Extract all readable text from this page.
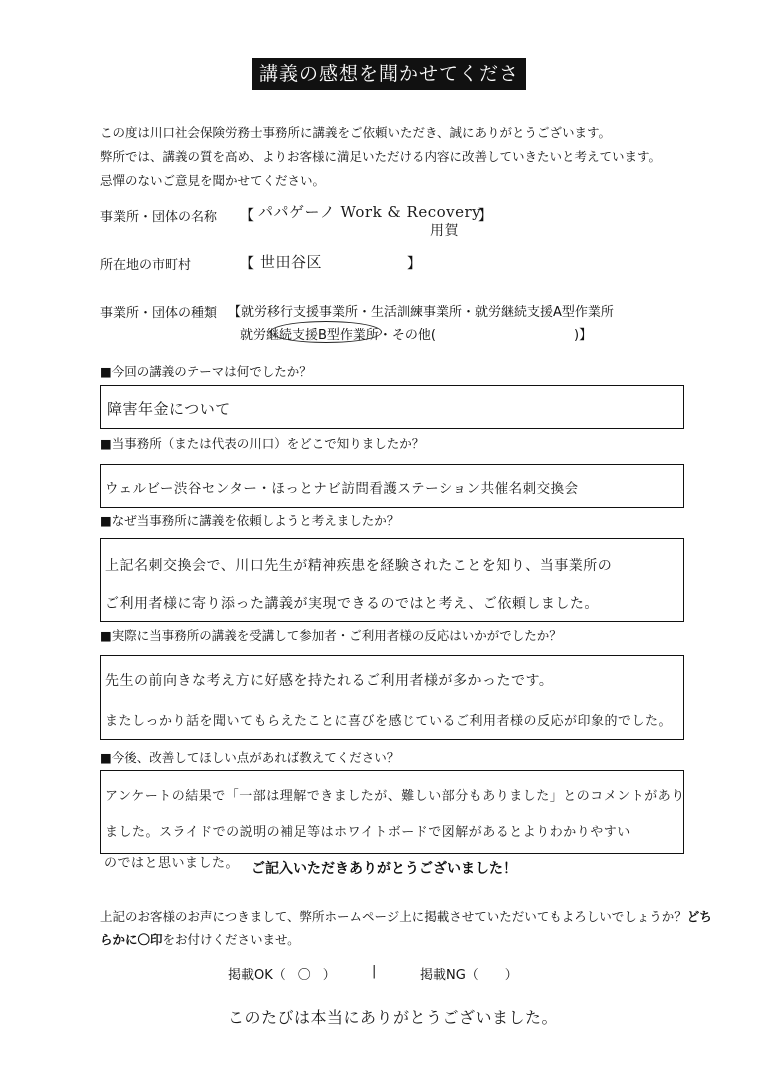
講義の感想を聞かせてください
この度は川口社会保険労務士事務所に講義をご依頼いただき、誠にありがとうございます。
弊所では、講義の質を高め、よりお客様に満足いただける内容に改善していきたいと考えています。
忌憚のないご意見を聞かせてください。
事業所・団体の名称 【 パパゲーノ Work & Recovery
】
用賀
所在地の市町村	【 世田谷区	】
事業所・団体の種類 【就労移行支援事業所・生活訓練事業所・就労継続支援A型作業所
就労継続支援B型作業所・その他(	)】
■今回の講義のテーマは何でしたか？
障害年金について
■当事務所（または代表の川口）をどこで知りましたか？
ウェルビー渋谷センター・ほっとナビ訪問看護ステーション共催名刺交換会
■なぜ当事務所に講義を依頼しようと考えましたか？
上記名刺交換会で、川口先生が精神疾患を経験されたことを知り、当事業所の
ご利用者様に寄り添った講義が実現できるのではと考え、ご依頼しました。
■実際に当事務所の講義を受講して参加者・ご利用者様の反応はいかがでしたか？
先生の前向きな考え方に好感を持たれるご利用者様が多かったです。
またしっかり話を聞いてもらえたことに喜びを感じているご利用者様の反応が印象的でした。
■今後、改善してほしい点があれば教えてください？
アンケートの結果で「一部は理解できましたが、難しい部分もありました」とのコメントがあり
ました。スライドでの説明の補足等はホワイトボードで図解があるとよりわかりやすい
のではと思いました。 ご記入いただきありがとうございました！
上記のお客様のお声につきまして、弊所ホームページ上に掲載させていただいてもよろしいでしょうか？どち
らかに〇印をお付けくださいませ。
掲載OK（ 〇 ）	|	掲載NG（　　）
このたびは本当にありがとうございました。
